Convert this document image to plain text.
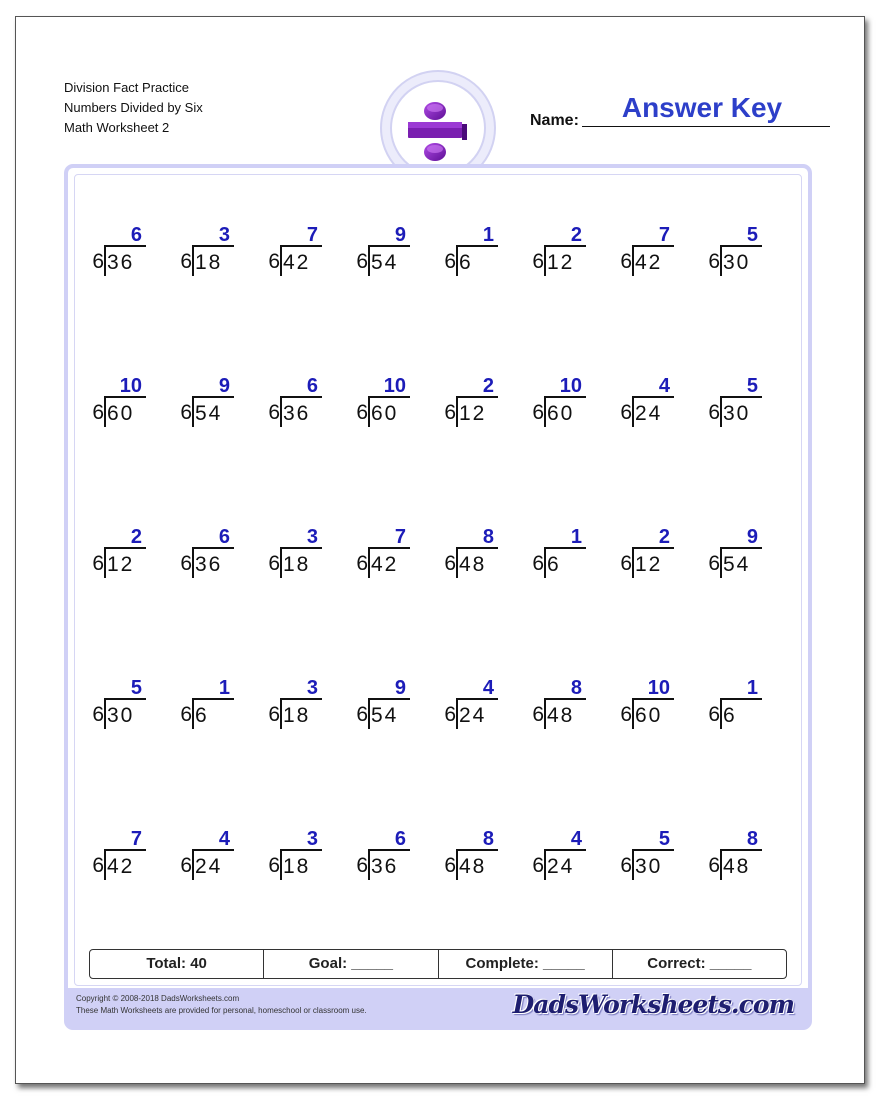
Division Fact Practice
Numbers Divided by Six
Math Worksheet 2	Name:	Answer Key
Copyright © 2008-2018 DadsWorksheets.com
These Math Worksheets are provided for personal, homeschool or classroom use.	DadsWorksheets.com
6
6 36
3
6 18
7
6 42
9
6 54
1
6 6
2
6 12
7
6 42
5
6 30
10
6 60
9
6 54
6
6 36
10
6 60
2
6 12
10
6 60
4
6 24
5
6 30
2
6 12
6
6 36
3
6 18
7
6 42
8
6 48
1
6 6
2
6 12
9
6 54
5
6 30
1
6 6
3
6 18
9
6 54
4
6 24
8
6 48
10
6 60
1
6 6
7
6 42
4
6 24
3
6 18
6
6 36
8
6 48
4
6 24
5
6 30
8
6 48
Total: 40	Goal: _____	Complete: _____	Correct: _____
